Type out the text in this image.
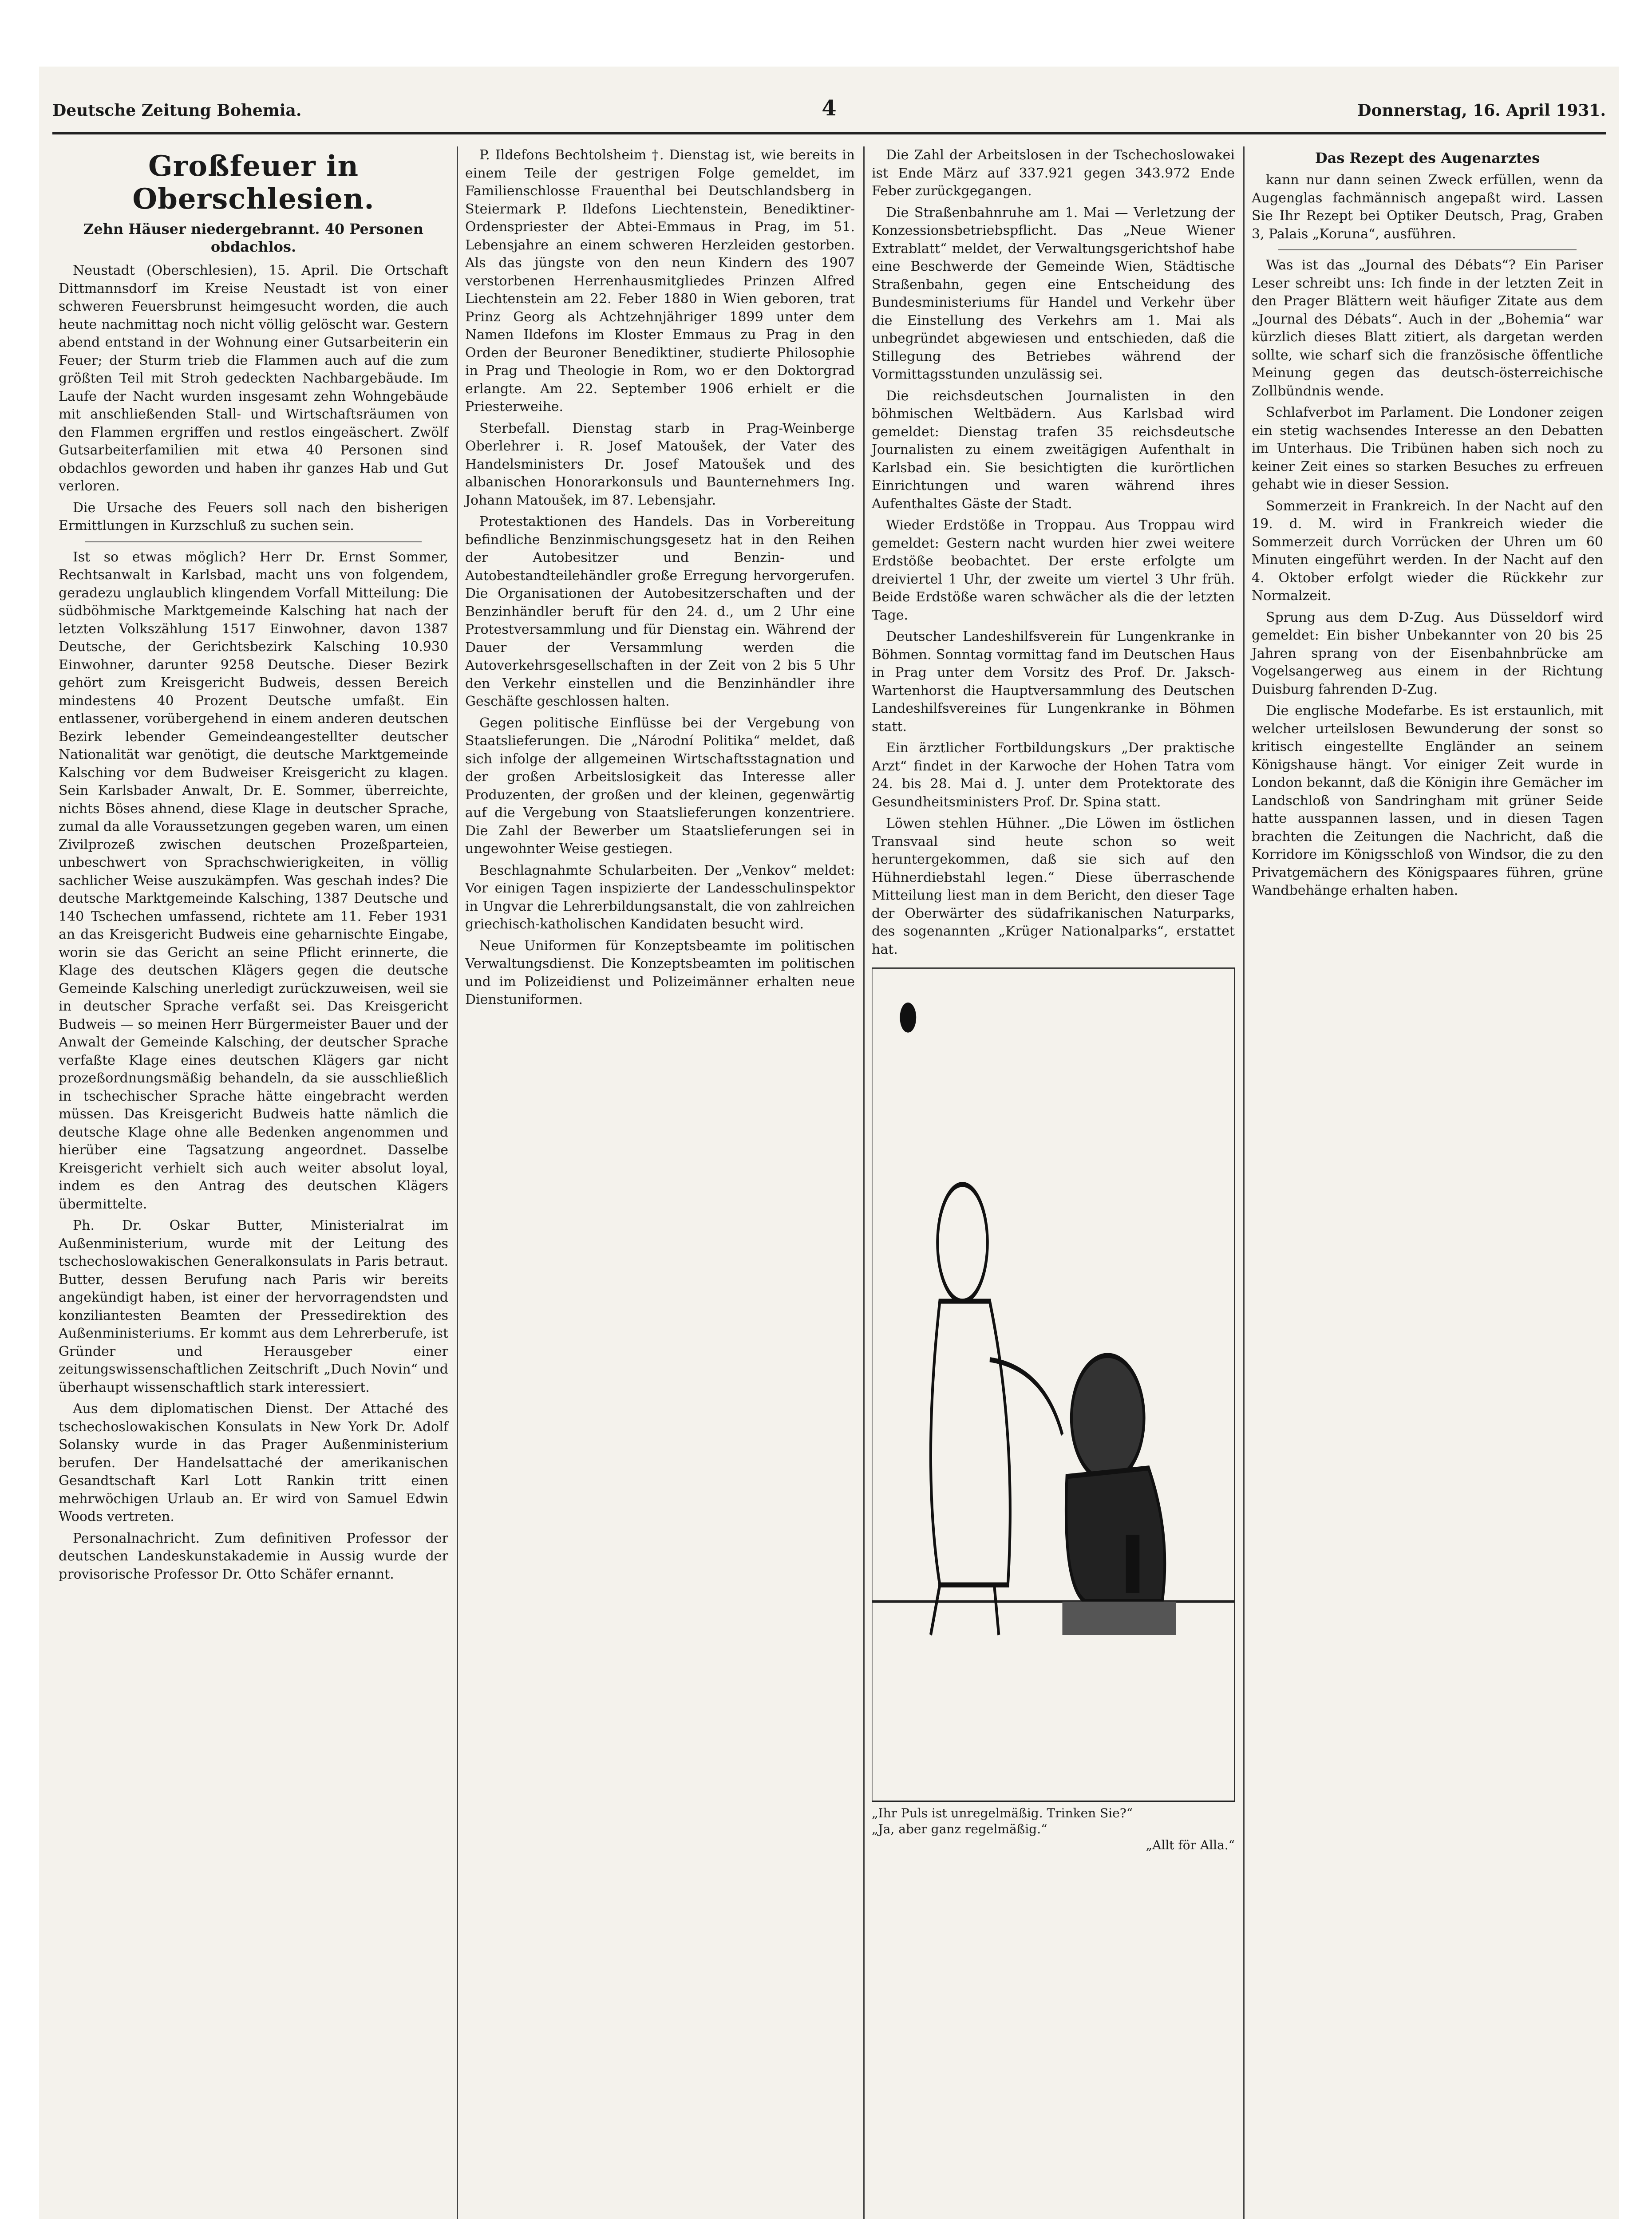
Deutsche Zeitung Bohemia.	4	Donnerstag, 16. April 1931.
Großfeuer in Oberschlesien.
Zehn Häuser niedergebrannt. 40 Personen obdachlos.

Neustadt (Oberschlesien), 15. April. Die Ortschaft Dittmannsdorf im Kreise Neustadt ist von einer schweren Feuersbrunst heimgesucht worden, die auch heute nachmittag noch nicht völlig gelöscht war. Gestern abend entstand in der Wohnung einer Gutsarbeiterin ein Feuer; der Sturm trieb die Flammen auch auf die zum größten Teil mit Stroh gedeckten Nachbargebäude. Im Laufe der Nacht wurden insgesamt zehn Wohngebäude mit anschließenden Stall- und Wirtschaftsräumen von den Flammen ergriffen und restlos eingeäschert. Zwölf Gutsarbeiterfamilien mit etwa 40 Personen sind obdachlos geworden und haben ihr ganzes Hab und Gut verloren.

Die Ursache des Feuers soll nach den bisherigen Ermittlungen in Kurzschluß zu suchen sein.

Ist so etwas möglich? Herr Dr. Ernst Sommer, Rechtsanwalt in Karlsbad, macht uns von folgendem, geradezu unglaublich klingendem Vorfall Mitteilung: Die südböhmische Marktgemeinde Kalsching hat nach der letzten Volkszählung 1517 Einwohner, davon 1387 Deutsche, der Gerichtsbezirk Kalsching 10.930 Einwohner, darunter 9258 Deutsche. Dieser Bezirk gehört zum Kreisgericht Budweis, dessen Bereich mindestens 40 Prozent Deutsche umfaßt. Ein entlassener, vorübergehend in einem anderen deutschen Bezirk lebender Gemeindeangestellter deutscher Nationalität war genötigt, die deutsche Marktgemeinde Kalsching vor dem Budweiser Kreisgericht zu klagen. Sein Karlsbader Anwalt, Dr. E. Sommer, überreichte, nichts Böses ahnend, diese Klage in deutscher Sprache, zumal da alle Voraussetzungen gegeben waren, um einen Zivilprozeß zwischen deutschen Prozeßparteien, unbeschwert von Sprachschwierigkeiten, in völlig sachlicher Weise auszukämpfen. Was geschah indes? Die deutsche Marktgemeinde Kalsching, 1387 Deutsche und 140 Tschechen umfassend, richtete am 11. Feber 1931 an das Kreisgericht Budweis eine geharnischte Eingabe, worin sie das Gericht an seine Pflicht erinnerte, die Klage des deutschen Klägers gegen die deutsche Gemeinde Kalsching unerledigt zurückzuweisen, weil sie in deutscher Sprache verfaßt sei. Das Kreisgericht Budweis — so meinen Herr Bürgermeister Bauer und der Anwalt der Gemeinde Kalsching, der deutscher Sprache verfaßte Klage eines deutschen Klägers gar nicht prozeßordnungsmäßig behandeln, da sie ausschließlich in tschechischer Sprache hätte eingebracht werden müssen. Das Kreisgericht Budweis hatte nämlich die deutsche Klage ohne alle Bedenken angenommen und hierüber eine Tagsatzung angeordnet. Dasselbe Kreisgericht verhielt sich auch weiter absolut loyal, indem es den Antrag des deutschen Klägers übermittelte.

Ph. Dr. Oskar Butter, Ministerialrat im Außenministerium, wurde mit der Leitung des tschechoslowakischen Generalkonsulats in Paris betraut. Butter, dessen Berufung nach Paris wir bereits angekündigt haben, ist einer der hervorragendsten und konziliantesten Beamten der Pressedirektion des Außenministeriums. Er kommt aus dem Lehrerberufe, ist Gründer und Herausgeber einer zeitungswissenschaftlichen Zeitschrift „Duch Novin“ und überhaupt wissenschaftlich stark interessiert.

Aus dem diplomatischen Dienst. Der Attaché des tschechoslowakischen Konsulats in New York Dr. Adolf Solansky wurde in das Prager Außenministerium berufen. Der Handelsattaché der amerikanischen Gesandtschaft Karl Lott Rankin tritt einen mehrwöchigen Urlaub an. Er wird von Samuel Edwin Woods vertreten.

Personalnachricht. Zum definitiven Professor der deutschen Landeskunstakademie in Aussig wurde der provisorische Professor Dr. Otto Schäfer ernannt.

P. Ildefons Bechtolsheim †. Dienstag ist, wie bereits in einem Teile der gestrigen Folge gemeldet, im Familienschlosse Frauenthal bei Deutschlandsberg in Steiermark P. Ildefons Liechtenstein, Benediktiner-Ordenspriester der Abtei-Emmaus in Prag, im 51. Lebensjahre an einem schweren Herzleiden gestorben. Als das jüngste von den neun Kindern des 1907 verstorbenen Herrenhausmitgliedes Prinzen Alfred Liechtenstein am 22. Feber 1880 in Wien geboren, trat Prinz Georg als Achtzehnjähriger 1899 unter dem Namen Ildefons im Kloster Emmaus zu Prag in den Orden der Beuroner Benediktiner, studierte Philosophie in Prag und Theologie in Rom, wo er den Doktorgrad erlangte. Am 22. September 1906 erhielt er die Priesterweihe.

Sterbefall. Dienstag starb in Prag-Weinberge Oberlehrer i. R. Josef Matoušek, der Vater des Handelsministers Dr. Josef Matoušek und des albanischen Honorarkonsuls und Baunternehmers Ing. Johann Matoušek, im 87. Lebensjahr.

Protestaktionen des Handels. Das in Vorbereitung befindliche Benzinmischungsgesetz hat in den Reihen der Autobesitzer und Benzin- und Autobestandteilehändler große Erregung hervorgerufen. Die Organisationen der Autobesitzerschaften und der Benzinhändler beruft für den 24. d., um 2 Uhr eine Protestversammlung und für Dienstag ein. Während der Dauer der Versammlung werden die Autoverkehrsgesellschaften in der Zeit von 2 bis 5 Uhr den Verkehr einstellen und die Benzinhändler ihre Geschäfte geschlossen halten.

Gegen politische Einflüsse bei der Vergebung von Staatslieferungen. Die „Národní Politika“ meldet, daß sich infolge der allgemeinen Wirtschaftsstagnation und der großen Arbeitslosigkeit das Interesse aller Produzenten, der großen und der kleinen, gegenwärtig auf die Vergebung von Staatslieferungen konzentriere. Die Zahl der Bewerber um Staatslieferungen sei in ungewohnter Weise gestiegen.

Beschlagnahmte Schularbeiten. Der „Venkov“ meldet: Vor einigen Tagen inspizierte der Landesschulinspektor in Ungvar die Lehrerbildungsanstalt, die von zahlreichen griechisch-katholischen Kandidaten besucht wird.

Neue Uniformen für Konzeptsbeamte im politischen Verwaltungsdienst. Die Konzeptsbeamten im politischen und im Polizeidienst und Polizeimänner erhalten neue Dienstuniformen.

Die Zahl der Arbeitslosen in der Tschechoslowakei ist Ende März auf 337.921 gegen 343.972 Ende Feber zurückgegangen.

Die Straßenbahnruhe am 1. Mai — Verletzung der Konzessionsbetriebspflicht. Das „Neue Wiener Extrablatt“ meldet, der Verwaltungsgerichtshof habe eine Beschwerde der Gemeinde Wien, Städtische Straßenbahn, gegen eine Entscheidung des Bundesministeriums für Handel und Verkehr über die Einstellung des Verkehrs am 1. Mai als unbegründet abgewiesen und entschieden, daß die Stillegung des Betriebes während der Vormittagsstunden unzulässig sei.

Die reichsdeutschen Journalisten in den böhmischen Weltbädern. Aus Karlsbad wird gemeldet: Dienstag trafen 35 reichsdeutsche Journalisten zu einem zweitägigen Aufenthalt in Karlsbad ein. Sie besichtigten die kurörtlichen Einrichtungen und waren während ihres Aufenthaltes Gäste der Stadt.

Wieder Erdstöße in Troppau. Aus Troppau wird gemeldet: Gestern nacht wurden hier zwei weitere Erdstöße beobachtet. Der erste erfolgte um dreiviertel 1 Uhr, der zweite um viertel 3 Uhr früh. Beide Erdstöße waren schwächer als die der letzten Tage.

Deutscher Landeshilfsverein für Lungenkranke in Böhmen. Sonntag vormittag fand im Deutschen Haus in Prag unter dem Vorsitz des Prof. Dr. Jaksch-Wartenhorst die Hauptversammlung des Deutschen Landeshilfsvereines für Lungenkranke in Böhmen statt.

Ein ärztlicher Fortbildungskurs „Der praktische Arzt“ findet in der Karwoche der Hohen Tatra vom 24. bis 28. Mai d. J. unter dem Protektorate des Gesundheitsministers Prof. Dr. Spina statt.

Löwen stehlen Hühner. „Die Löwen im östlichen Transvaal sind heute schon so weit heruntergekommen, daß sie sich auf den Hühnerdiebstahl legen.“ Diese überraschende Mitteilung liest man in dem Bericht, den dieser Tage der Oberwärter des südafrikanischen Naturparks, des sogenannten „Krüger Nationalparks“, erstattet hat.

„Ihr Puls ist unregelmäßig. Trinken Sie?“
„Ja, aber ganz regelmäßig.“
„Allt för Alla.“
Das Rezept des Augenarztes

kann nur dann seinen Zweck erfüllen, wenn da Augenglas fachmännisch angepaßt wird. Lassen Sie Ihr Rezept bei Optiker Deutsch, Prag, Graben 3, Palais „Koruna“, ausführen.

Was ist das „Journal des Débats“? Ein Pariser Leser schreibt uns: Ich finde in der letzten Zeit in den Prager Blättern weit häufiger Zitate aus dem „Journal des Débats“. Auch in der „Bohemia“ war kürzlich dieses Blatt zitiert, als dargetan werden sollte, wie scharf sich die französische öffentliche Meinung gegen das deutsch-österreichische Zollbündnis wende.

Schlafverbot im Parlament. Die Londoner zeigen ein stetig wachsendes Interesse an den Debatten im Unterhaus. Die Tribünen haben sich noch zu keiner Zeit eines so starken Besuches zu erfreuen gehabt wie in dieser Session.

Sommerzeit in Frankreich. In der Nacht auf den 19. d. M. wird in Frankreich wieder die Sommerzeit durch Vorrücken der Uhren um 60 Minuten eingeführt werden. In der Nacht auf den 4. Oktober erfolgt wieder die Rückkehr zur Normalzeit.

Sprung aus dem D-Zug. Aus Düsseldorf wird gemeldet: Ein bisher Unbekannter von 20 bis 25 Jahren sprang von der Eisenbahnbrücke am Vogelsangerweg aus einem in der Richtung Duisburg fahrenden D-Zug.

Die englische Modefarbe. Es ist erstaunlich, mit welcher urteilslosen Bewunderung der sonst so kritisch eingestellte Engländer an seinem Königshause hängt. Vor einiger Zeit wurde in London bekannt, daß die Königin ihre Gemächer im Landschloß von Sandringham mit grüner Seide hatte ausspannen lassen, und in diesen Tagen brachten die Zeitungen die Nachricht, daß die Korridore im Königsschloß von Windsor, die zu den Privatgemächern des Königspaares führen, grüne Wandbehänge erhalten haben.
